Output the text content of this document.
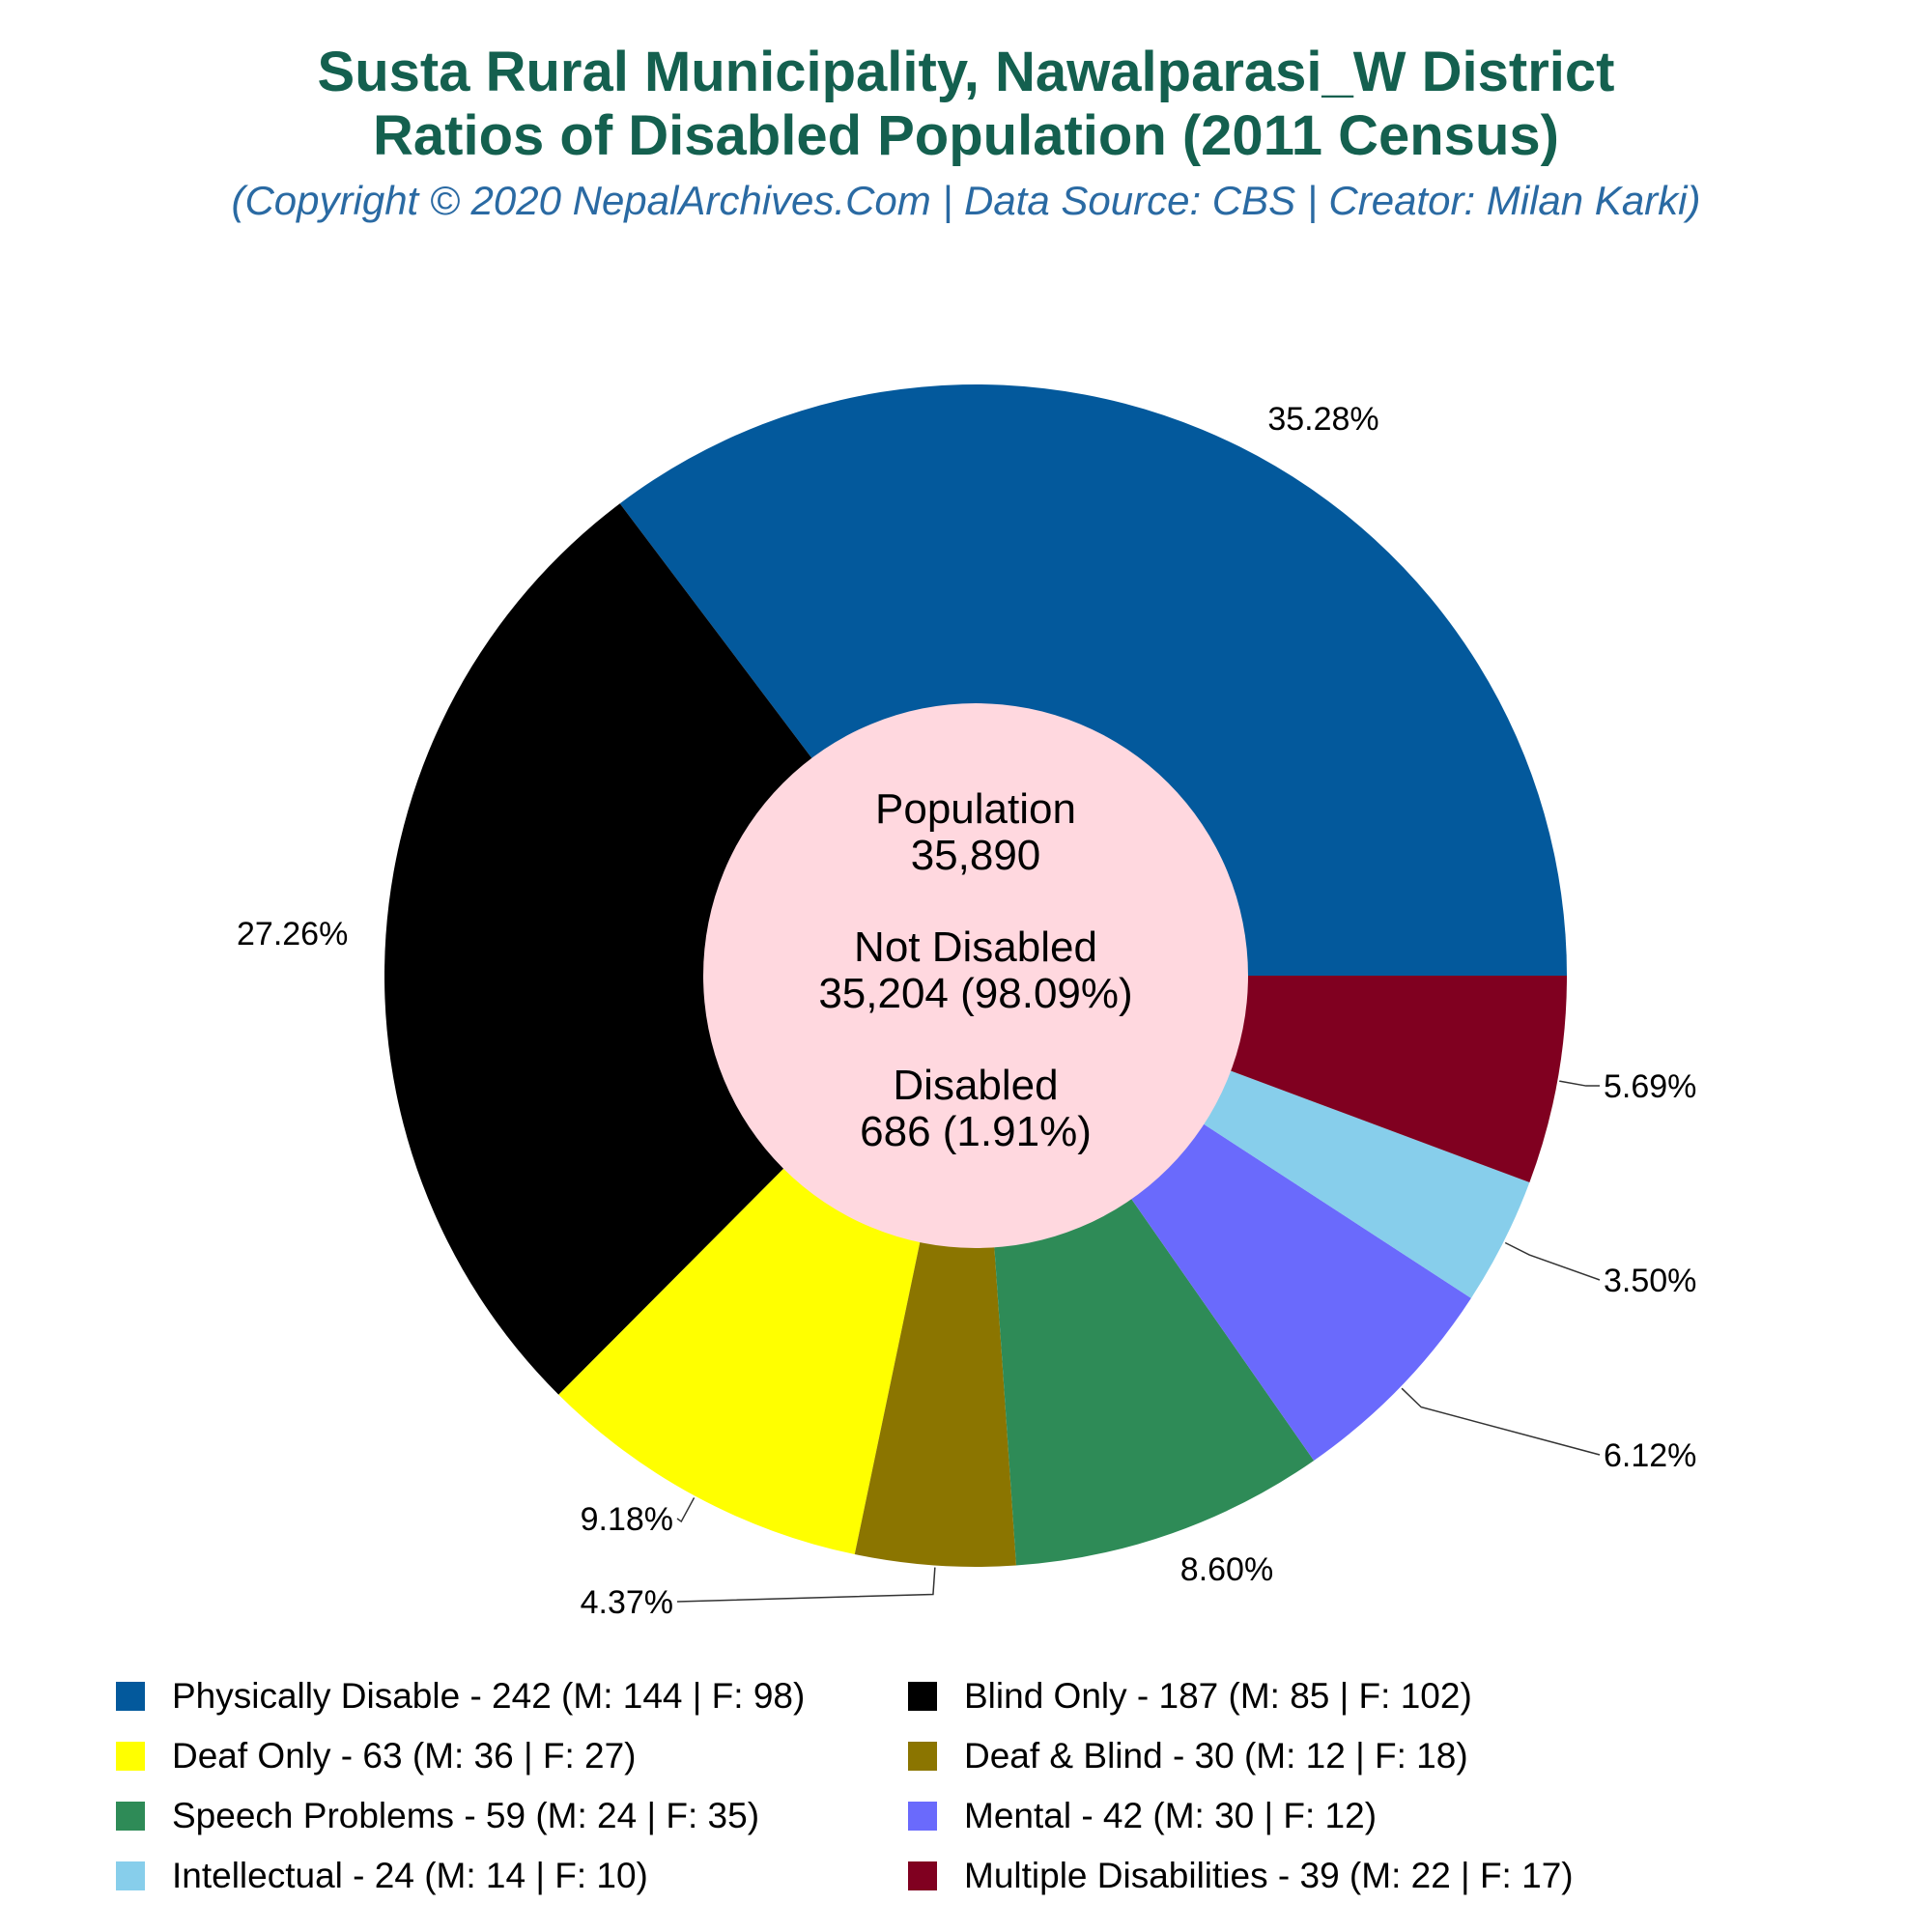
Susta Rural Municipality, Nawalparasi_W District
Ratios of Disabled Population (2011 Census)
(Copyright © 2020 NepalArchives.Com | Data Source: CBS | Creator: Milan Karki)
35.28%
27.26%
9.18%
4.37%
8.60%
6.12%
3.50%
5.69%
Population
35,890
Not Disabled
35,204 (98.09%)
Disabled
686 (1.91%)
Physically Disable - 242 (M: 144 | F: 98)	Blind Only - 187 (M: 85 | F: 102)
Deaf Only - 63 (M: 36 | F: 27)	Deaf & Blind - 30 (M: 12 | F: 18)
Speech Problems - 59 (M: 24 | F: 35)	Mental - 42 (M: 30 | F: 12)
Intellectual - 24 (M: 14 | F: 10)	Multiple Disabilities - 39 (M: 22 | F: 17)
